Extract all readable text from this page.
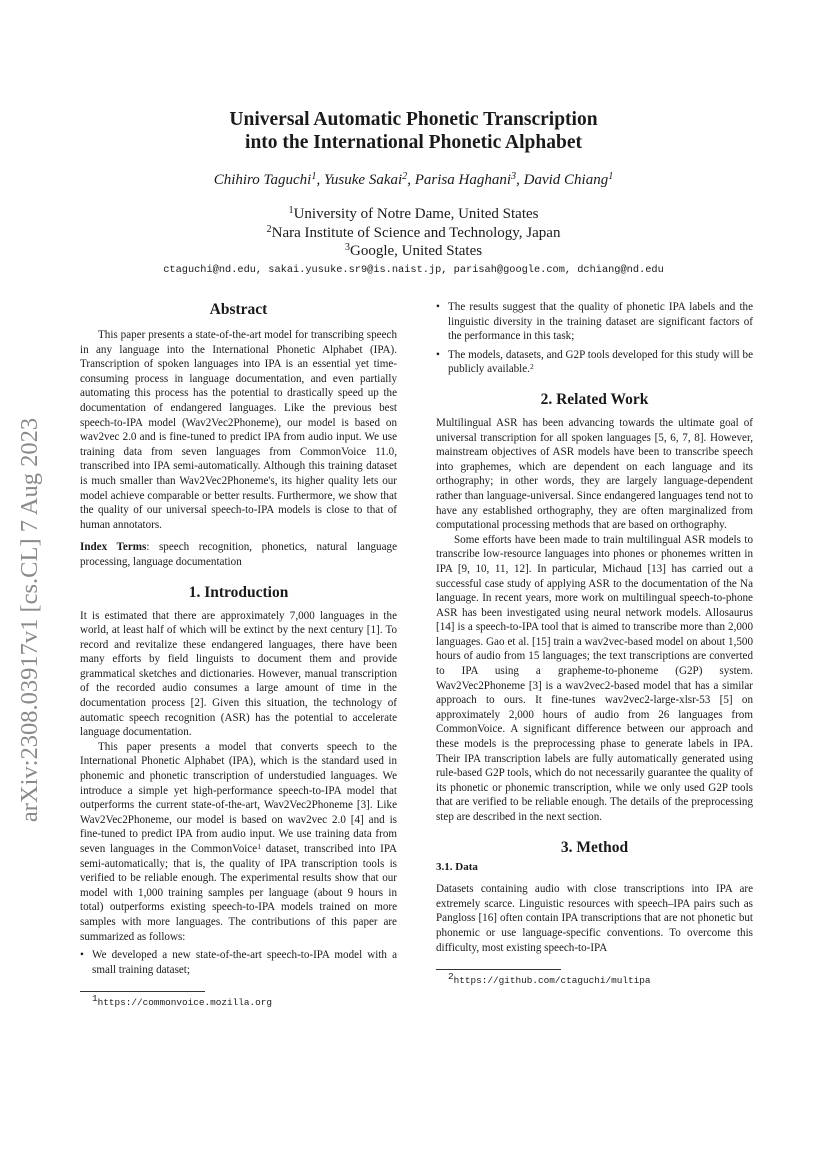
arXiv:2308.03917v1 [cs.CL] 7 Aug 2023
Universal Automatic Phonetic Transcription
into the International Phonetic Alphabet
Chihiro Taguchi$^1$, Yusuke Sakai$^2$, Parisa Haghani$^3$, David Chiang$^1$
$^1$University of Notre Dame, United States
$^2$Nara Institute of Science and Technology, Japan
$^3$Google, United States
ctaguchi@nd.edu, sakai.yusuke.sr9@is.naist.jp, parisah@google.com, dchiang@nd.edu
Abstract

This paper presents a state-of-the-art model for transcribing speech in any language into the International Phonetic Alphabet (IPA). Transcription of spoken languages into IPA is an essential yet time-consuming process in language documentation, and even partially automating this process has the potential to drastically speed up the documentation of endangered languages. Like the previous best speech-to-IPA model (Wav2Vec2Phoneme), our model is based on wav2vec 2.0 and is fine-tuned to predict IPA from audio input. We use training data from seven languages from CommonVoice 11.0, transcribed into IPA semi-automatically. Although this training dataset is much smaller than Wav2Vec2Phoneme's, its higher quality lets our model achieve comparable or better results. Furthermore, we show that the quality of our universal speech-to-IPA models is close to that of human annotators.

Index Terms: speech recognition, phonetics, natural language processing, language documentation

1. Introduction

It is estimated that there are approximately 7,000 languages in the world, at least half of which will be extinct by the next century [1]. To record and revitalize these endangered languages, there have been many efforts by field linguists to document them and provide grammatical sketches and dictionaries. However, manual transcription of the recorded audio consumes a large amount of time in the documentation process [2]. Given this situation, the technology of automatic speech recognition (ASR) has the potential to accelerate language documentation.

This paper presents a model that converts speech to the International Phonetic Alphabet (IPA), which is the standard used in phonemic and phonetic transcription of understudied languages. We introduce a simple yet high-performance speech-to-IPA model that outperforms the current state-of-the-art, Wav2Vec2Phoneme [3]. Like Wav2Vec2Phoneme, our model is based on wav2vec 2.0 [4] and is fine-tuned to predict IPA from audio input. We use training data from seven languages in the CommonVoice$^1$ dataset, transcribed into IPA semi-automatically; that is, the quality of IPA transcription tools is verified to be reliable enough. The experimental results show that our model with 1,000 training samples per language (about 9 hours in total) outperforms existing speech-to-IPA models trained on more samples with more languages. The contributions of this paper are summarized as follows:

• We developed a new state-of-the-art speech-to-IPA model with a small training dataset;
$^1$https://commonvoice.mozilla.org
• The results suggest that the quality of phonetic IPA labels and the linguistic diversity in the training dataset are significant factors of the performance in this task;
• The models, datasets, and G2P tools developed for this study will be publicly available.$^2$
2. Related Work

Multilingual ASR has been advancing towards the ultimate goal of universal transcription for all spoken languages [5, 6, 7, 8]. However, mainstream objectives of ASR models have been to transcribe speech into graphemes, which are dependent on each language and its orthography; in other words, they are largely language-dependent rather than language-universal. Since endangered languages tend not to have any established orthography, they are often marginalized from computational processing methods that are based on orthography.

Some efforts have been made to train multilingual ASR models to transcribe low-resource languages into phones or phonemes written in IPA [9, 10, 11, 12]. In particular, Michaud [13] has carried out a successful case study of applying ASR to the documentation of the Na language. In recent years, more work on multilingual speech-to-phone ASR has been investigated using neural network models. Allosaurus [14] is a speech-to-IPA tool that is aimed to transcribe more than 2,000 languages. Gao et al. [15] train a wav2vec-based model on about 1,500 hours of audio from 15 languages; the text transcriptions are converted to IPA using a grapheme-to-phoneme (G2P) system. Wav2Vec2Phoneme [3] is a wav2vec2-based model that has a similar approach to ours. It fine-tunes wav2vec2-large-xlsr-53 [5] on approximately 2,000 hours of audio from 26 languages from CommonVoice. A significant difference between our approach and these models is the preprocessing phase to generate labels in IPA. Their IPA transcription labels are fully automatically generated using rule-based G2P tools, which do not necessarily guarantee the quality of its phonetic or phonemic transcription, while we only used G2P tools that are verified to be reliable enough. The details of the preprocessing step are described in the next section.

3. Method
3.1. Data

Datasets containing audio with close transcriptions into IPA are extremely scarce. Linguistic resources with speech–IPA pairs such as Pangloss [16] often contain IPA transcriptions that are not phonetic but phonemic or use language-specific conventions. To overcome this difficulty, most existing speech-to-IPA

$^2$https://github.com/ctaguchi/multipa
